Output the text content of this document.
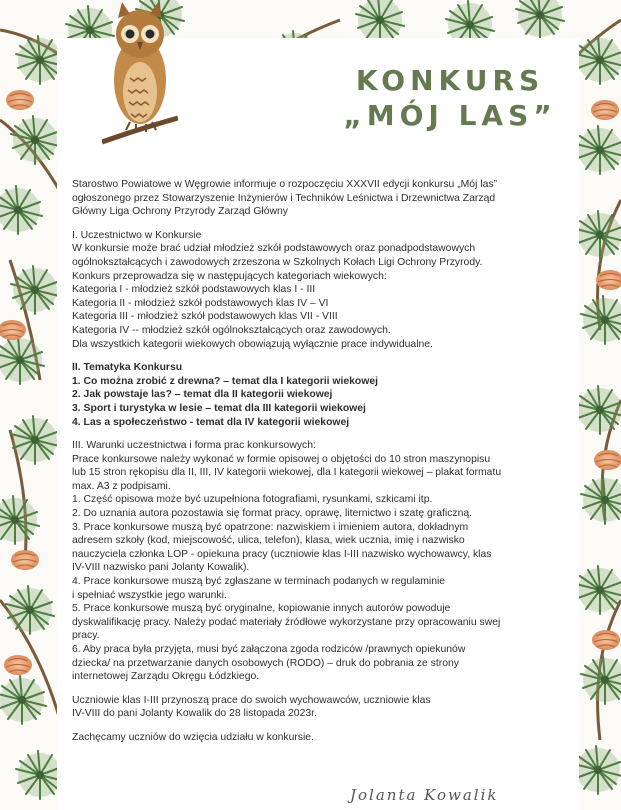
KONKURS
„MÓJ LAS”

Starostwo Powiatowe w Węgrowie informuje o rozpoczęciu XXXVII edycji konkursu „Mój las”

ogłoszonego przez Stowarzyszenie Inżynierów i Techników Leśnictwa i Drzewnictwa Zarząd

Główny Liga Ochrony Przyrody Zarząd Główny

I. Uczestnictwo w Konkursie

W konkursie może brać udział młodzież szkół podstawowych oraz ponadpodstawowych

ogólnokształcących i zawodowych zrzeszona w Szkolnych Kołach Ligi Ochrony Przyrody.

Konkurs przeprowadza się w następujących kategoriach wiekowych:

Kategoria I - młodzież szkół podstawowych klas I - III

Kategoria II - młodzież szkół podstawowych klas IV – VI

Kategoria III - młodzież szkół podstawowych klas VII - VIII

Kategoria IV -- młodzież szkół ogólnokształcących oraz zawodowych.

Dla wszystkich kategorii wiekowych obowiązują wyłącznie prace indywidualne.

II. Tematyka Konkursu

1. Co można zrobić z drewna? – temat dla I kategorii wiekowej

2. Jak powstaje las? – temat dla II kategorii wiekowej

3. Sport i turystyka w lesie – temat dla III kategorii wiekowej

4. Las a społeczeństwo - temat dla IV kategorii wiekowej

III. Warunki uczestnictwa i forma prac konkursowych:

Prace konkursowe należy wykonać w formie opisowej o objętości do 10 stron maszynopisu

lub 15 stron rękopisu dla II, III, IV kategorii wiekowej, dla I kategorii wiekowej – plakat formatu

max. A3 z podpisami.

1. Część opisowa może być uzupełniona fotografiami, rysunkami, szkicami itp.

2. Do uznania autora pozostawia się format pracy, oprawę, liternictwo i szatę graficzną.

3. Prace konkursowe muszą być opatrzone: nazwiskiem i imieniem autora, dokładnym

adresem szkoły (kod, miejscowość, ulica, telefon), klasa, wiek ucznia, imię i nazwisko

nauczyciela członka LOP - opiekuna pracy (uczniowie klas I-III nazwisko wychowawcy, klas

IV-VIII nazwisko pani Jolanty Kowalik).

4. Prace konkursowe muszą być zgłaszane w terminach podanych w regulaminie

i spełniać wszystkie jego warunki.

5. Prace konkursowe muszą być oryginalne, kopiowanie innych autorów powoduje

dyskwalifikację pracy. Należy podać materiały źródłowe wykorzystane przy opracowaniu swej

pracy.

6. Aby praca była przyjęta, musi być załączona zgoda rodziców /prawnych opiekunów

dziecka/ na przetwarzanie danych osobowych (RODO) – druk do pobrania ze strony

internetowej Zarządu Okręgu Łódzkiego.

Uczniowie klas I-III przynoszą prace do swoich wychowawców, uczniowie klas

IV-VIII do pani Jolanty Kowalik do 28 listopada 2023r.

Zachęcamy uczniów do wzięcia udziału w konkursie.

Jolanta Kowalik
